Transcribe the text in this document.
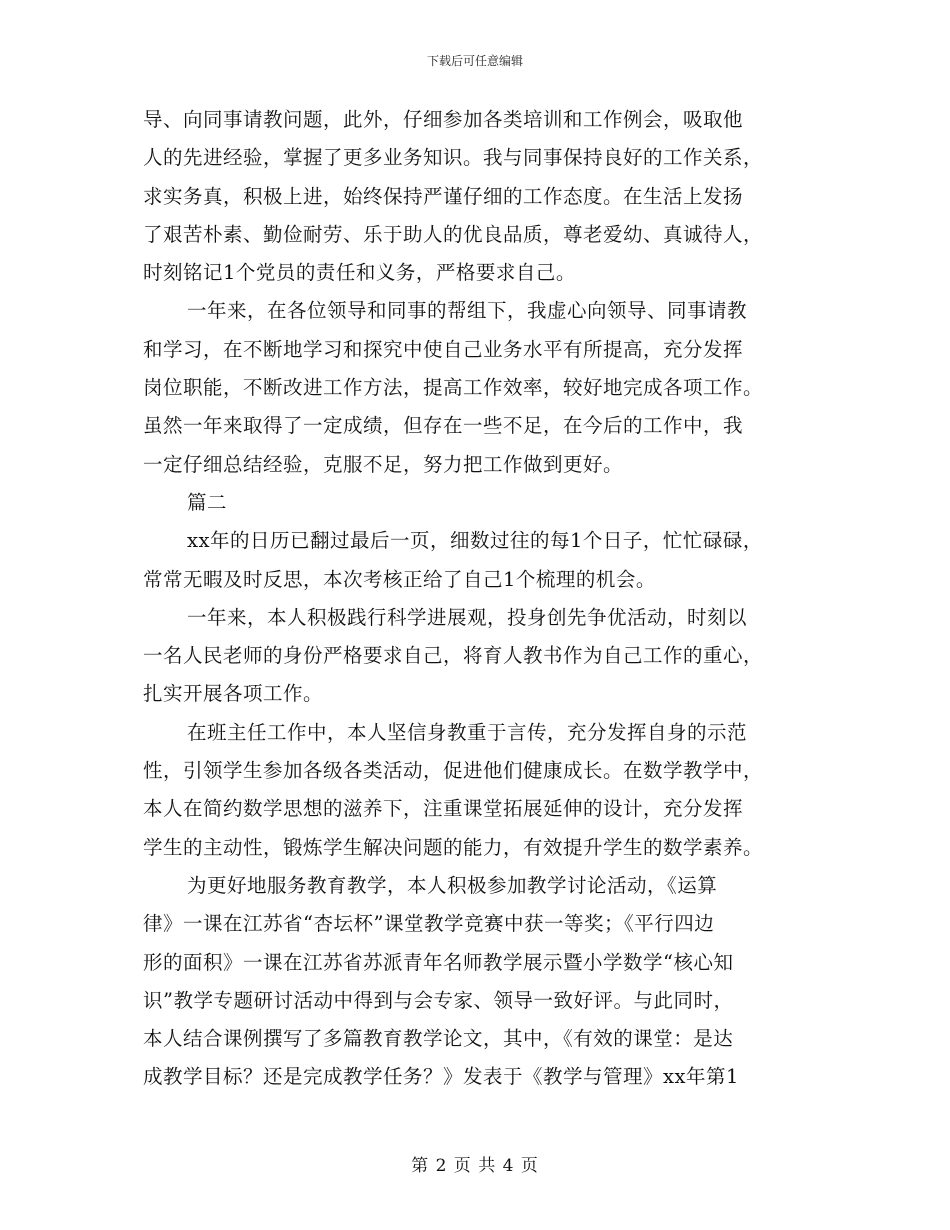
下载后可任意编辑
导、向同事请教问题，此外，仔细参加各类培训和工作例会，吸取他
人的先进经验，掌握了更多业务知识。我与同事保持良好的工作关系，
求实务真，积极上进，始终保持严谨仔细的工作态度。在生活上发扬
了艰苦朴素、勤俭耐劳、乐于助人的优良品质，尊老爱幼、真诚待人，
时刻铭记1个党员的责任和义务，严格要求自己。
一年来，在各位领导和同事的帮组下，我虚心向领导、同事请教
和学习，在不断地学习和探究中使自己业务水平有所提高，充分发挥
岗位职能，不断改进工作方法，提高工作效率，较好地完成各项工作。
虽然一年来取得了一定成绩，但存在一些不足，在今后的工作中，我
一定仔细总结经验，克服不足，努力把工作做到更好。
篇二
xx年的日历已翻过最后一页，细数过往的每1个日子，忙忙碌碌，
常常无暇及时反思，本次考核正给了自己1个梳理的机会。
一年来，本人积极践行科学进展观，投身创先争优活动，时刻以
一名人民老师的身份严格要求自己，将育人教书作为自己工作的重心，
扎实开展各项工作。
在班主任工作中，本人坚信身教重于言传，充分发挥自身的示范
性，引领学生参加各级各类活动，促进他们健康成长。在数学教学中，
本人在简约数学思想的滋养下，注重课堂拓展延伸的设计，充分发挥
学生的主动性，锻炼学生解决问题的能力，有效提升学生的数学素养。
为更好地服务教育教学，本人积极参加教学讨论活动，《运算
律》一课在江苏省“杏坛杯”课堂教学竞赛中获一等奖；《平行四边
形的面积》一课在江苏省苏派青年名师教学展示暨小学数学“核心知
识”教学专题研讨活动中得到与会专家、领导一致好评。与此同时，
本人结合课例撰写了多篇教育教学论文，其中，《有效的课堂：是达
成教学目标？还是完成教学任务？》发表于《教学与管理》xx年第1
第 2 页 共 4 页
